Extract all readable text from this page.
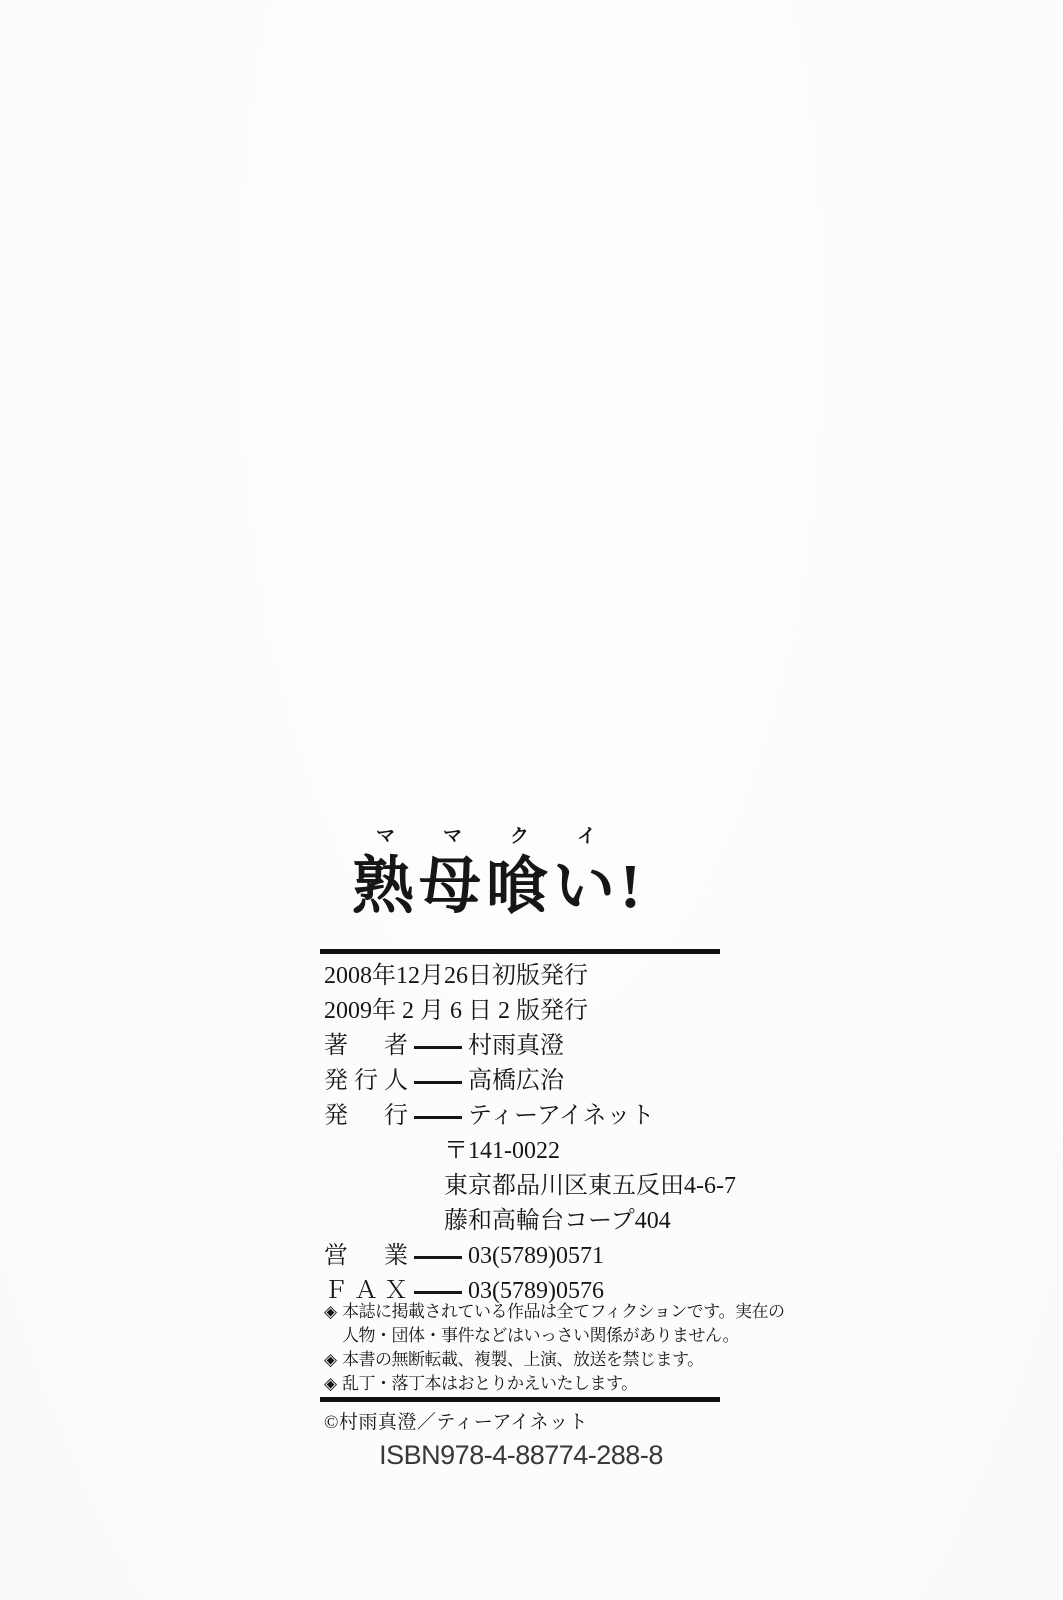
熟マ母マ喰クいイ!
2008年12月26日初版発行
2009年 2 月 6 日 2 版発行
著　者 村雨真澄
発行人 高橋広治
発　行 ティーアイネット
〒141-0022
東京都品川区東五反田4-6-7
藤和高輪台コープ404
営　業 03(5789)0571
ＦＡＸ 03(5789)0576
◈ 本誌に掲載されている作品は全てフィクションです。実在の
人物・団体・事件などはいっさい関係がありません。
◈ 本書の無断転載、複製、上演、放送を禁じます。
◈ 乱丁・落丁本はおとりかえいたします。
©村雨真澄／ティーアイネット
ISBN978-4-88774-288-8
